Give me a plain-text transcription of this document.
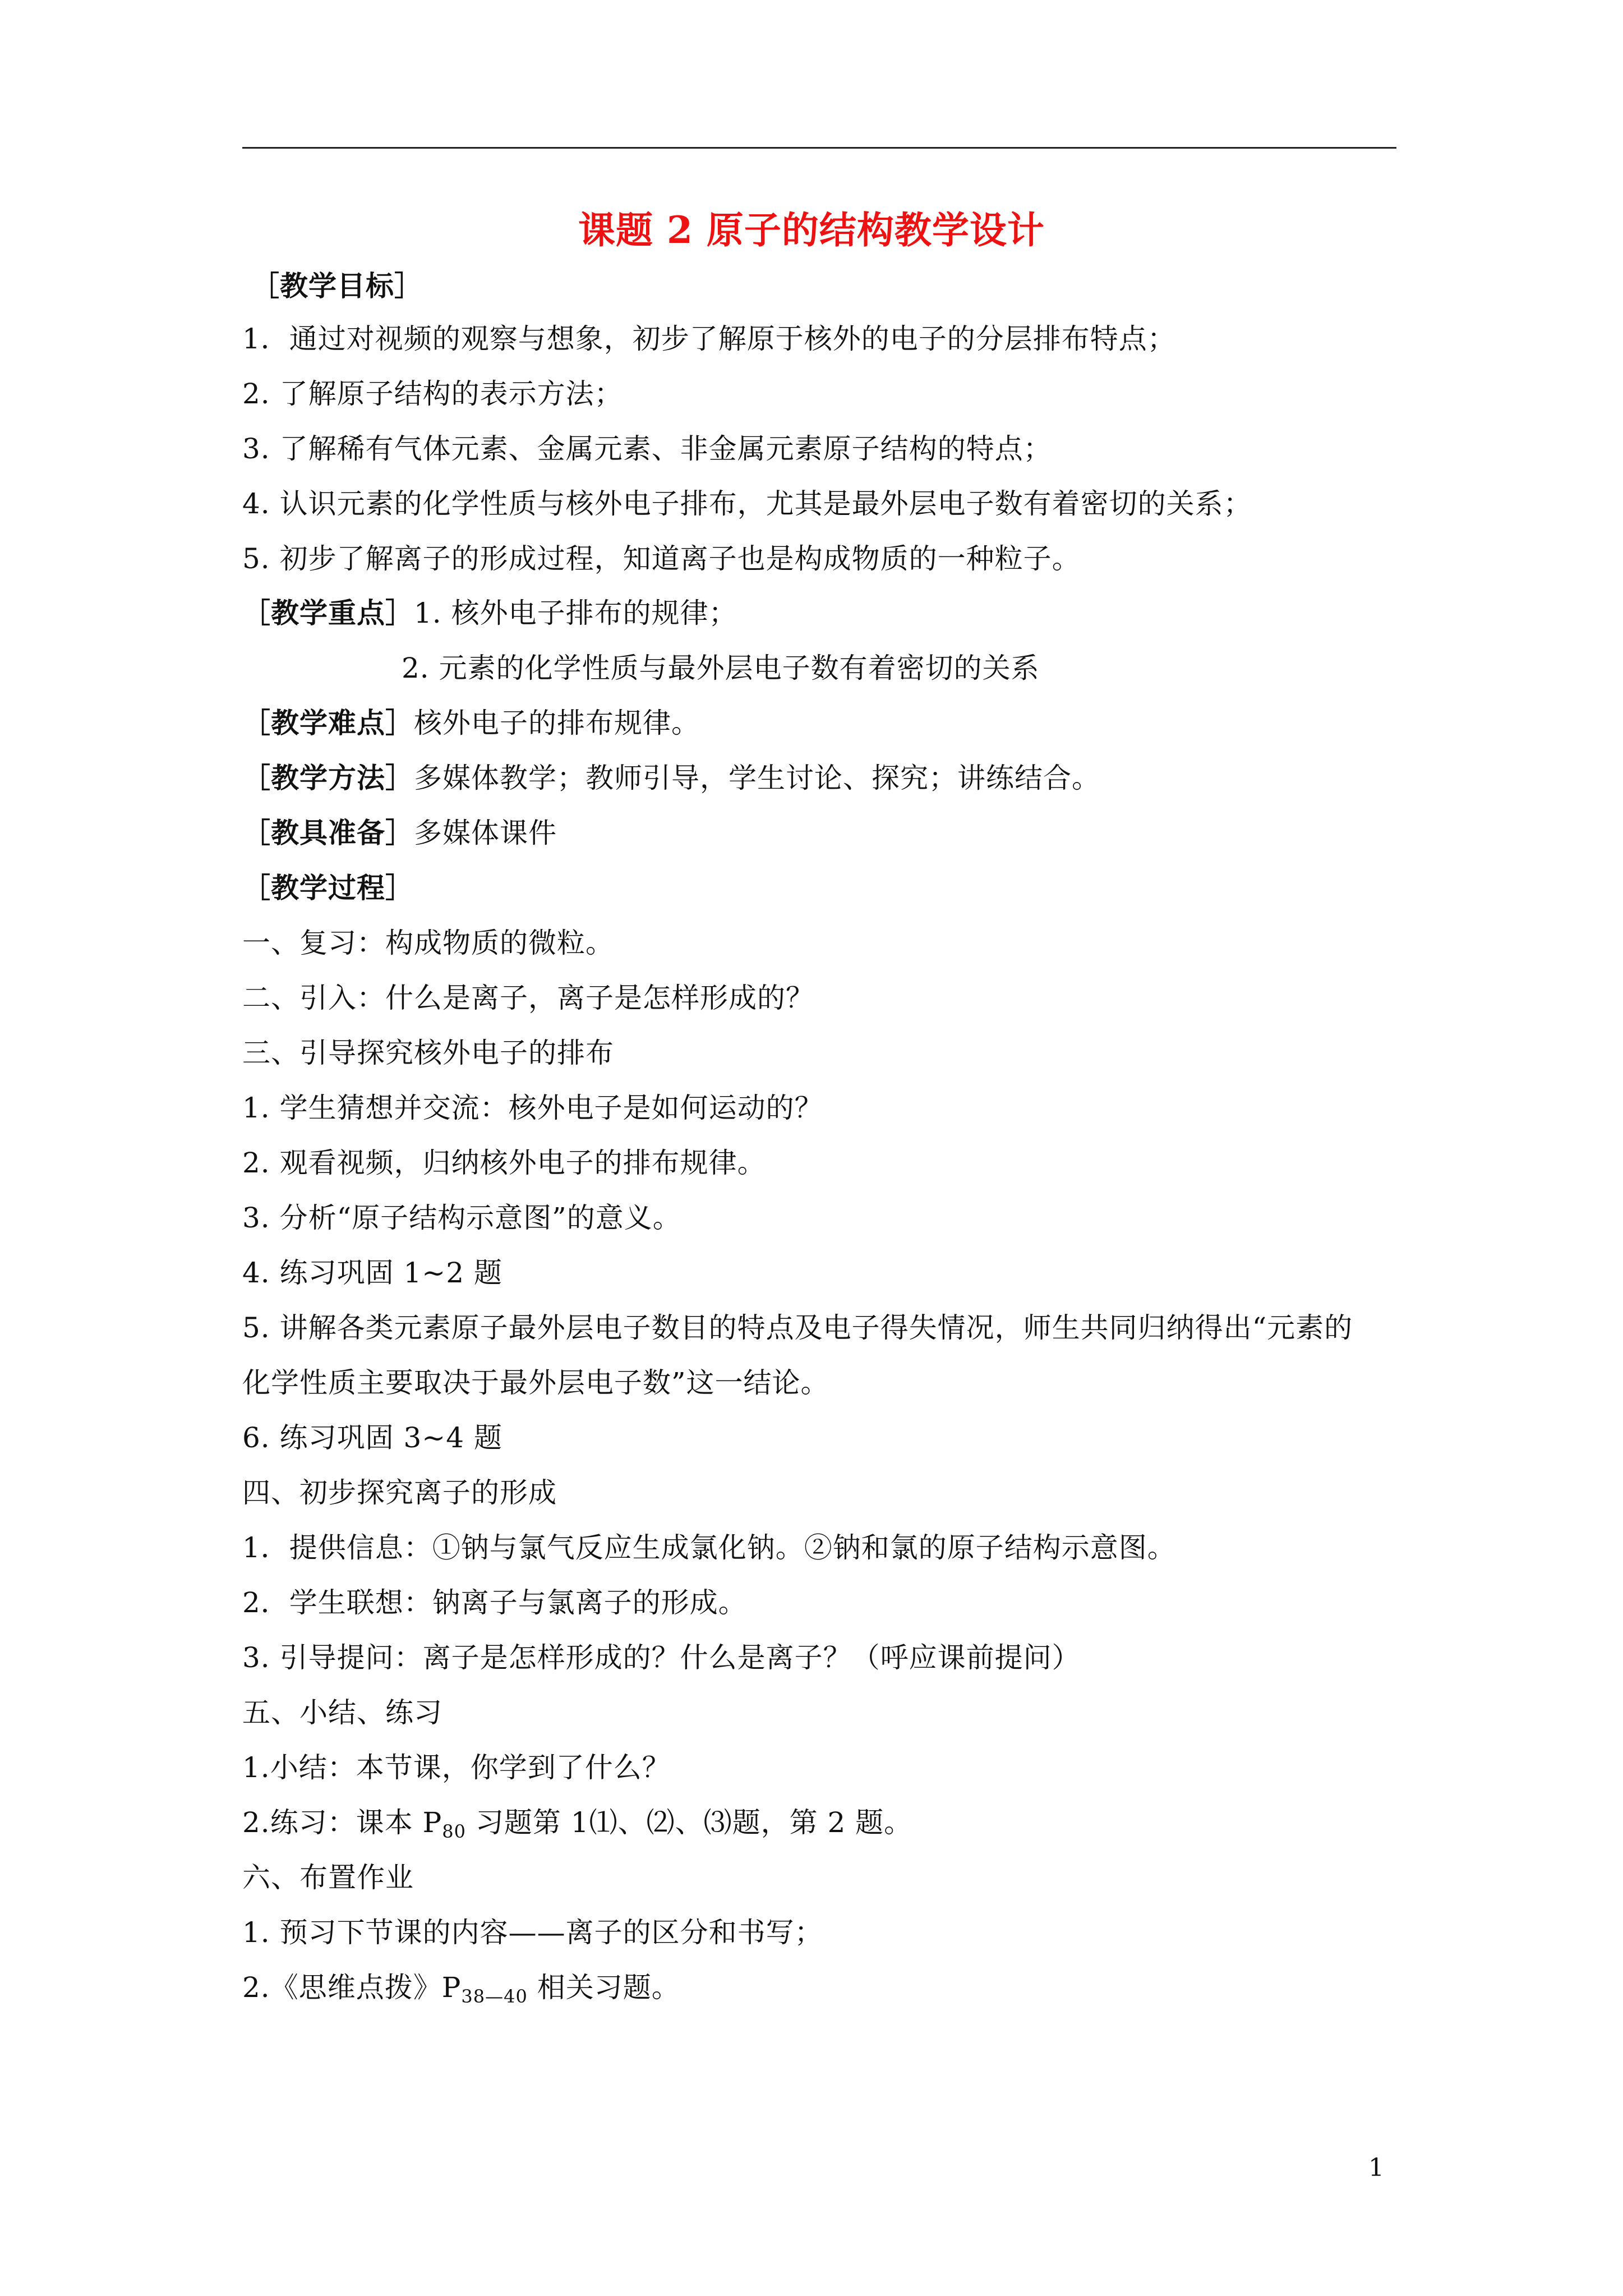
课题 2 原子的结构教学设计
［教学目标］
1．通过对视频的观察与想象，初步了解原于核外的电子的分层排布特点；
2. 了解原子结构的表示方法；
3. 了解稀有气体元素、金属元素、非金属元素原子结构的特点；
4. 认识元素的化学性质与核外电子排布，尤其是最外层电子数有着密切的关系；
5. 初步了解离子的形成过程，知道离子也是构成物质的一种粒子。
［教学重点］1. 核外电子排布的规律；
2. 元素的化学性质与最外层电子数有着密切的关系
［教学难点］核外电子的排布规律。
［教学方法］多媒体教学；教师引导，学生讨论、探究；讲练结合。
［教具准备］多媒体课件
［教学过程］
一、复习：构成物质的微粒。
二、引入：什么是离子，离子是怎样形成的？
三、引导探究核外电子的排布
1. 学生猜想并交流：核外电子是如何运动的？
2. 观看视频，归纳核外电子的排布规律。
3. 分析“原子结构示意图”的意义。
4. 练习巩固 1~2 题
5. 讲解各类元素原子最外层电子数目的特点及电子得失情况，师生共同归纳得出“元素的
化学性质主要取决于最外层电子数”这一结论。
6. 练习巩固 3~4 题
四、初步探究离子的形成
1．提供信息：①钠与氯气反应生成氯化钠。②钠和氯的原子结构示意图。
2．学生联想：钠离子与氯离子的形成。
3. 引导提问：离子是怎样形成的？什么是离子？（呼应课前提问）
五、小结、练习
1.小结：本节课，你学到了什么？
2.练习：课本 $P_{80}$ 习题第 1⑴、⑵、⑶题，第 2 题。
六、布置作业
1. 预习下节课的内容——离子的区分和书写；
2.《思维点拨》$P_{38—40}$ 相关习题。
1
